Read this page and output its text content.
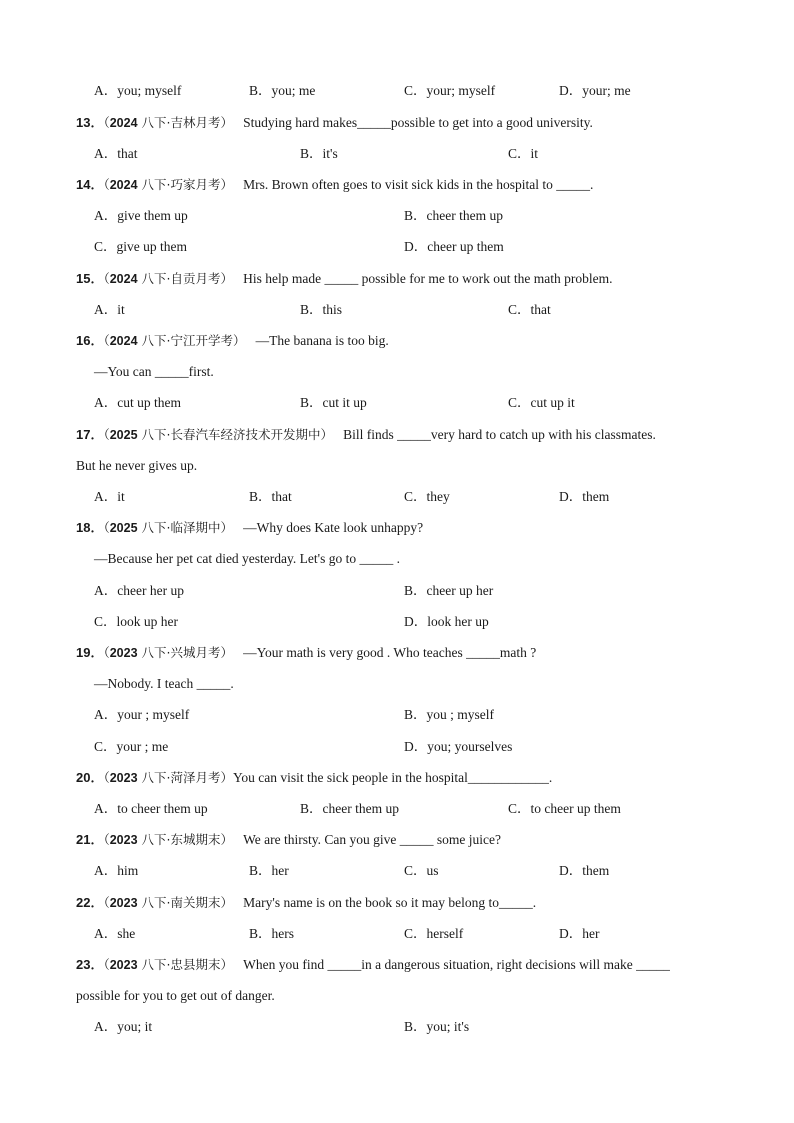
A．you; myself	B．you; me	C．your; myself	D．your; me
13．（2024 八下·吉林月考） Studying hard makes_____possible to get into a good university.
A．that	B．it's	C．it
14．（2024 八下·巧家月考） Mrs. Brown often goes to visit sick kids in the hospital to _____.
A．give them up	B．cheer them up
C．give up them	D．cheer up them
15．（2024 八下·自贡月考） His help made _____ possible for me to work out the math problem.
A．it	B．this	C．that
16．（2024 八下·宁江开学考） —The banana is too big.
—You can _____first.
A．cut up them	B．cut it up	C．cut up it
17．（2025 八下·长春汽车经济技术开发期中） Bill finds _____very hard to catch up with his classmates.
But he never gives up.
A．it	B．that	C．they	D．them
18．（2025 八下·临泽期中） —Why does Kate look unhappy?
—Because her pet cat died yesterday. Let's go to _____ .
A．cheer her up	B．cheer up her
C．look up her	D．look her up
19．（2023 八下·兴城月考） —Your math is very good . Who teaches _____math ?
—Nobody. I teach _____.
A．your ; myself	B．you ; myself
C．your ; me	D．you; yourselves
20．（2023 八下·菏泽月考）You can visit the sick people in the hospital____________.
A．to cheer them up	B．cheer them up	C．to cheer up them
21．（2023 八下·东城期末） We are thirsty. Can you give _____ some juice?
A．him	B．her	C．us	D．them
22．（2023 八下·南关期末） Mary's name is on the book so it may belong to_____.
A．she	B．hers	C．herself	D．her
23．（2023 八下·忠县期末） When you find _____in a dangerous situation, right decisions will make _____
possible for you to get out of danger.
A．you; it	B．you; it's
